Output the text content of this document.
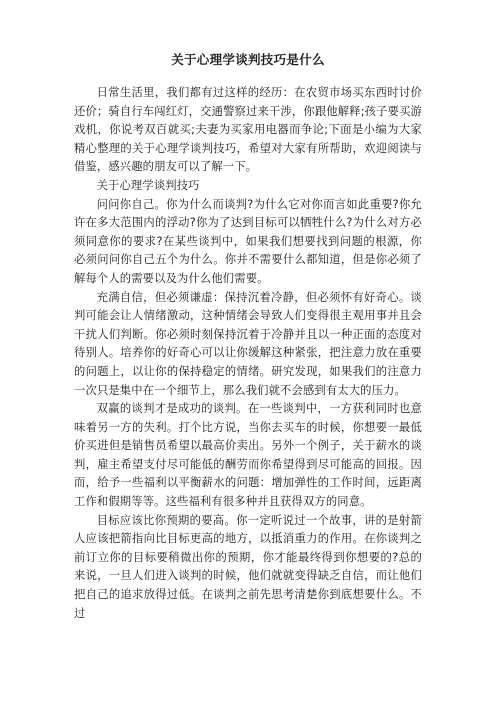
关于心理学谈判技巧是什么

日常生活里，我们都有过这样的经历：在农贸市场买东西时讨价还价；骑自行车闯红灯，交通警察过来干涉，你跟他解释;孩子要买游戏机，你说考双百就买;夫妻为买家用电器而争论;下面是小编为大家精心整理的关于心理学谈判技巧，希望对大家有所帮助，欢迎阅读与借鉴，感兴趣的朋友可以了解一下。

关于心理学谈判技巧

问问你自己。你为什么而谈判?为什么它对你而言如此重要?你允许在多大范围内的浮动?你为了达到目标可以牺牲什么?为什么对方必须同意你的要求?在某些谈判中，如果我们想要找到问题的根源，你必须问问你自己五个为什么。你并不需要什么都知道，但是你必须了解每个人的需要以及为什么他们需要。

充满自信，但必须谦虚：保持沉着冷静，但必须怀有好奇心。谈判可能会让人情绪激动，这种情绪会导致人们变得很主观用事并且会干扰人们判断。你必须时刻保持沉着于冷静并且以一种正面的态度对待别人。培养你的好奇心可以让你缓解这种紧张，把注意力放在重要的问题上，以让你的保持稳定的情绪。研究发现，如果我们的注意力一次只是集中在一个细节上，那么我们就不会感到有太大的压力。

双赢的谈判才是成功的谈判。在一些谈判中，一方获利同时也意味着另一方的失利。打个比方说，当你去买车的时候，你想要一最低价买进但是销售员希望以最高价卖出。另外一个例子，关于薪水的谈判，雇主希望支付尽可能低的酬劳而你希望得到尽可能高的回报。因而，给予一些福利以平衡薪水的问题：增加弹性的工作时间，远距离工作和假期等等。这些福利有很多种并且获得双方的同意。

目标应该比你预期的要高。你一定听说过一个故事，讲的是射箭人应该把箭指向比目标更高的地方，以抵消重力的作用。在你谈判之前订立你的目标要稍微出你的预期，你才能最终得到你想要的?总的来说，一旦人们进入谈判的时候，他们就就变得缺乏自信，而让他们把自己的追求放得过低。在谈判之前先思考清楚你到底想要什么。不过
